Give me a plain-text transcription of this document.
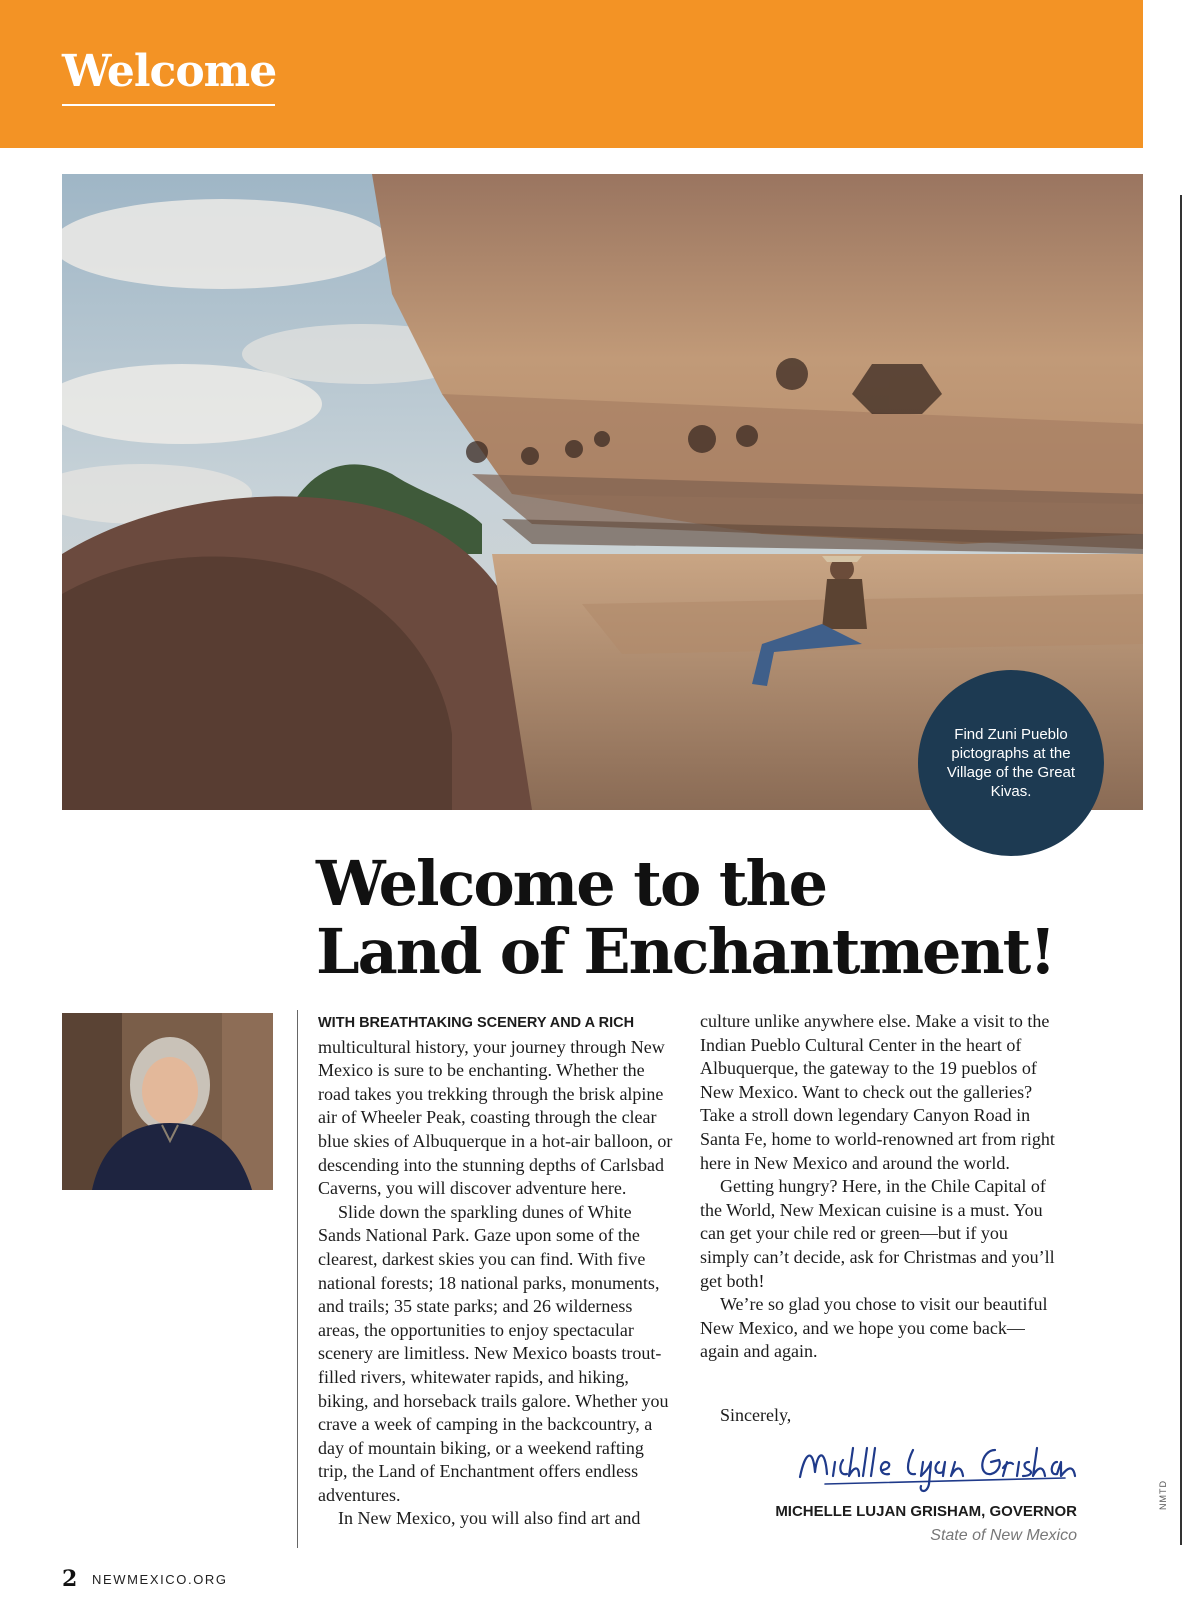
Welcome
Find Zuni Pueblo pictographs at the Village of the Great Kivas.
Welcome to the
Land of Enchantment!

WITH BREATHTAKING SCENERY AND A RICH
multicultural history, your journey through New Mexico is sure to be enchanting. Whether the road takes you trekking through the brisk alpine air of Wheeler Peak, coasting through the clear blue skies of Albuquerque in a hot-air balloon, or descending into the stunning depths of Carlsbad Caverns, you will discover adventure here.

Slide down the sparkling dunes of White Sands National Park. Gaze upon some of the clearest, darkest skies you can find. With five national forests; 18 national parks, monuments, and trails; 35 state parks; and 26 wilderness areas, the opportunities to enjoy spectacular scenery are limitless. New Mexico boasts trout-filled rivers, whitewater rapids, and hiking, biking, and horseback trails galore. Whether you crave a week of camping in the backcountry, a day of mountain biking, or a weekend rafting trip, the Land of Enchantment offers endless adventures.

In New Mexico, you will also find art and

culture unlike anywhere else. Make a visit to the Indian Pueblo Cultural Center in the heart of Albuquerque, the gateway to the 19 pueblos of New Mexico. Want to check out the galleries? Take a stroll down legendary Canyon Road in Santa Fe, home to world-renowned art from right here in New Mexico and around the world.

Getting hungry? Here, in the Chile Capital of the World, New Mexican cuisine is a must. You can get your chile red or green—but if you simply can’t decide, ask for Christmas and you’ll get both!

We’re so glad you chose to visit our beautiful New Mexico, and we hope you come back—again and again.

Sincerely,
MICHELLE LUJAN GRISHAM, GOVERNOR
State of New Mexico
NMTD
2 NEWMEXICO.ORG
